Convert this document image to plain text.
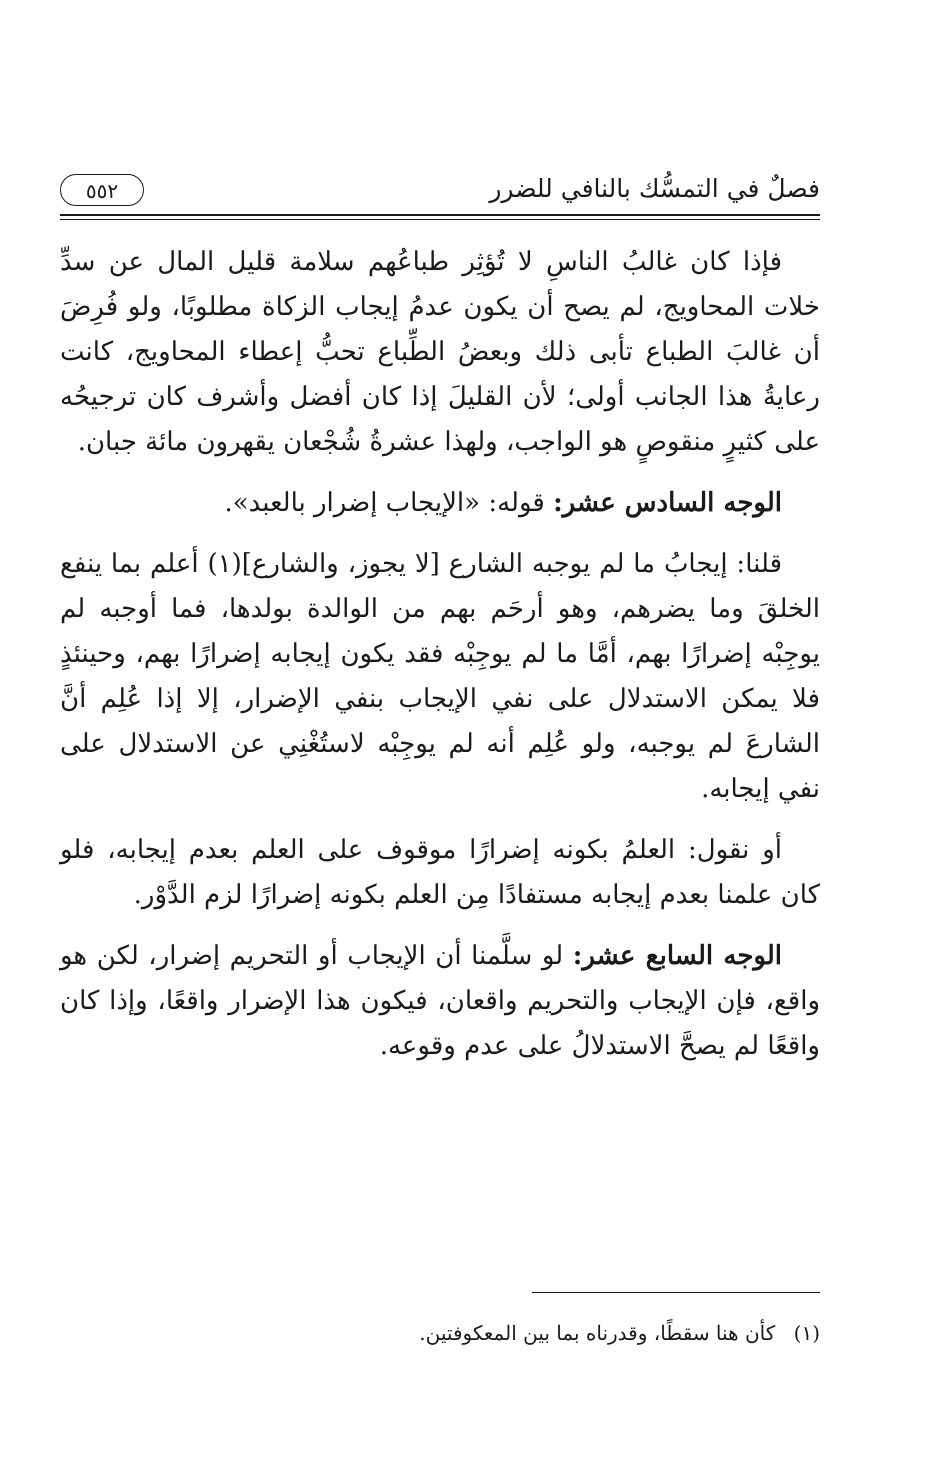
فصلٌ في التمسُّك بالنافي للضرر
٥٥٢

فإذا كان غالبُ الناسِ لا تُؤثِر طباعُهم سلامة قليل المال عن سدِّ خلات المحاويج، لم يصح أن يكون عدمُ إيجاب الزكاة مطلوبًا، ولو فُرِضَ أن غالبَ الطباع تأبى ذلك وبعضُ الطِّباع تحبُّ إعطاء المحاويج، كانت رعايةُ هذا الجانب أولى؛ لأن القليلَ إذا كان أفضل وأشرف كان ترجيحُه على كثيرٍ منقوصٍ هو الواجب، ولهذا عشرةُ شُجْعان يقهرون مائة جبان.

الوجه السادس عشر: قوله: «الإيجاب إضرار بالعبد».

قلنا: إيجابُ ما لم يوجبه الشارع [لا يجوز، والشارع](١) أعلم بما ينفع الخلقَ وما يضرهم، وهو أرحَم بهم من الوالدة بولدها، فما أوجبه لم يوجِبْه إضرارًا بهم، أمَّا ما لم يوجِبْه فقد يكون إيجابه إضرارًا بهم، وحينئذٍ فلا يمكن الاستدلال على نفي الإيجاب بنفي الإضرار، إلا إذا عُلِم أنَّ الشارعَ لم يوجبه، ولو عُلِم أنه لم يوجِبْه لاستُغْنِي عن الاستدلال على نفي إيجابه.

أو نقول: العلمُ بكونه إضرارًا موقوف على العلم بعدم إيجابه، فلو كان علمنا بعدم إيجابه مستفادًا مِن العلم بكونه إضرارًا لزم الدَّوْر.

الوجه السابع عشر: لو سلَّمنا أن الإيجاب أو التحريم إضرار، لكن هو واقع، فإن الإيجاب والتحريم واقعان، فيكون هذا الإضرار واقعًا، وإذا كان واقعًا لم يصحَّ الاستدلالُ على عدم وقوعه.

(١) كأن هنا سقطًا، وقدرناه بما بين المعكوفتين.
